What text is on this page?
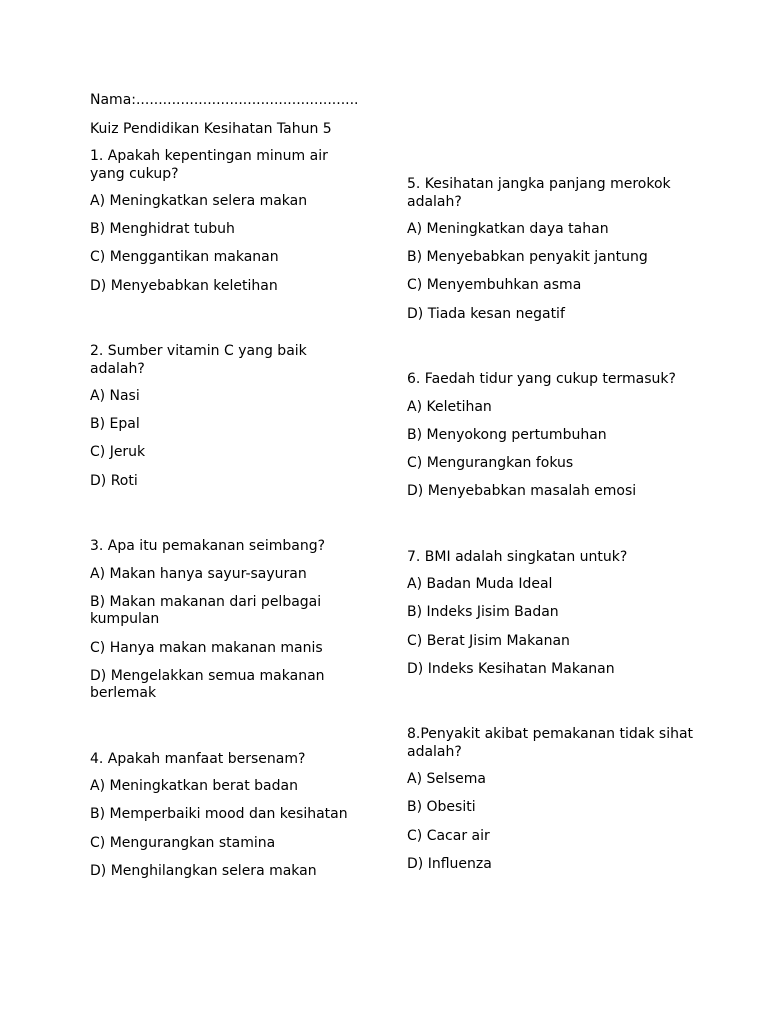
Nama:..................................................
Kuiz Pendidikan Kesihatan Tahun 5
1. Apakah kepentingan minum air yang cukup?
A) Meningkatkan selera makan
B) Menghidrat tubuh
C) Menggantikan makanan
D) Menyebabkan keletihan
2. Sumber vitamin C yang baik adalah?
A) Nasi
B) Epal
C) Jeruk
D) Roti
3. Apa itu pemakanan seimbang?
A) Makan hanya sayur-sayuran
B) Makan makanan dari pelbagai kumpulan
C) Hanya makan makanan manis
D) Mengelakkan semua makanan berlemak
4. Apakah manfaat bersenam?
A) Meningkatkan berat badan
B) Memperbaiki mood dan kesihatan
C) Mengurangkan stamina
D) Menghilangkan selera makan
5. Kesihatan jangka panjang merokok adalah?
A) Meningkatkan daya tahan
B) Menyebabkan penyakit jantung
C) Menyembuhkan asma
D) Tiada kesan negatif
6. Faedah tidur yang cukup termasuk?
A) Keletihan
B) Menyokong pertumbuhan
C) Mengurangkan fokus
D) Menyebabkan masalah emosi
7. BMI adalah singkatan untuk?
A) Badan Muda Ideal
B) Indeks Jisim Badan
C) Berat Jisim Makanan
D) Indeks Kesihatan Makanan
8.Penyakit akibat pemakanan tidak sihat adalah?
A) Selsema
B) Obesiti
C) Cacar air
D) Influenza
